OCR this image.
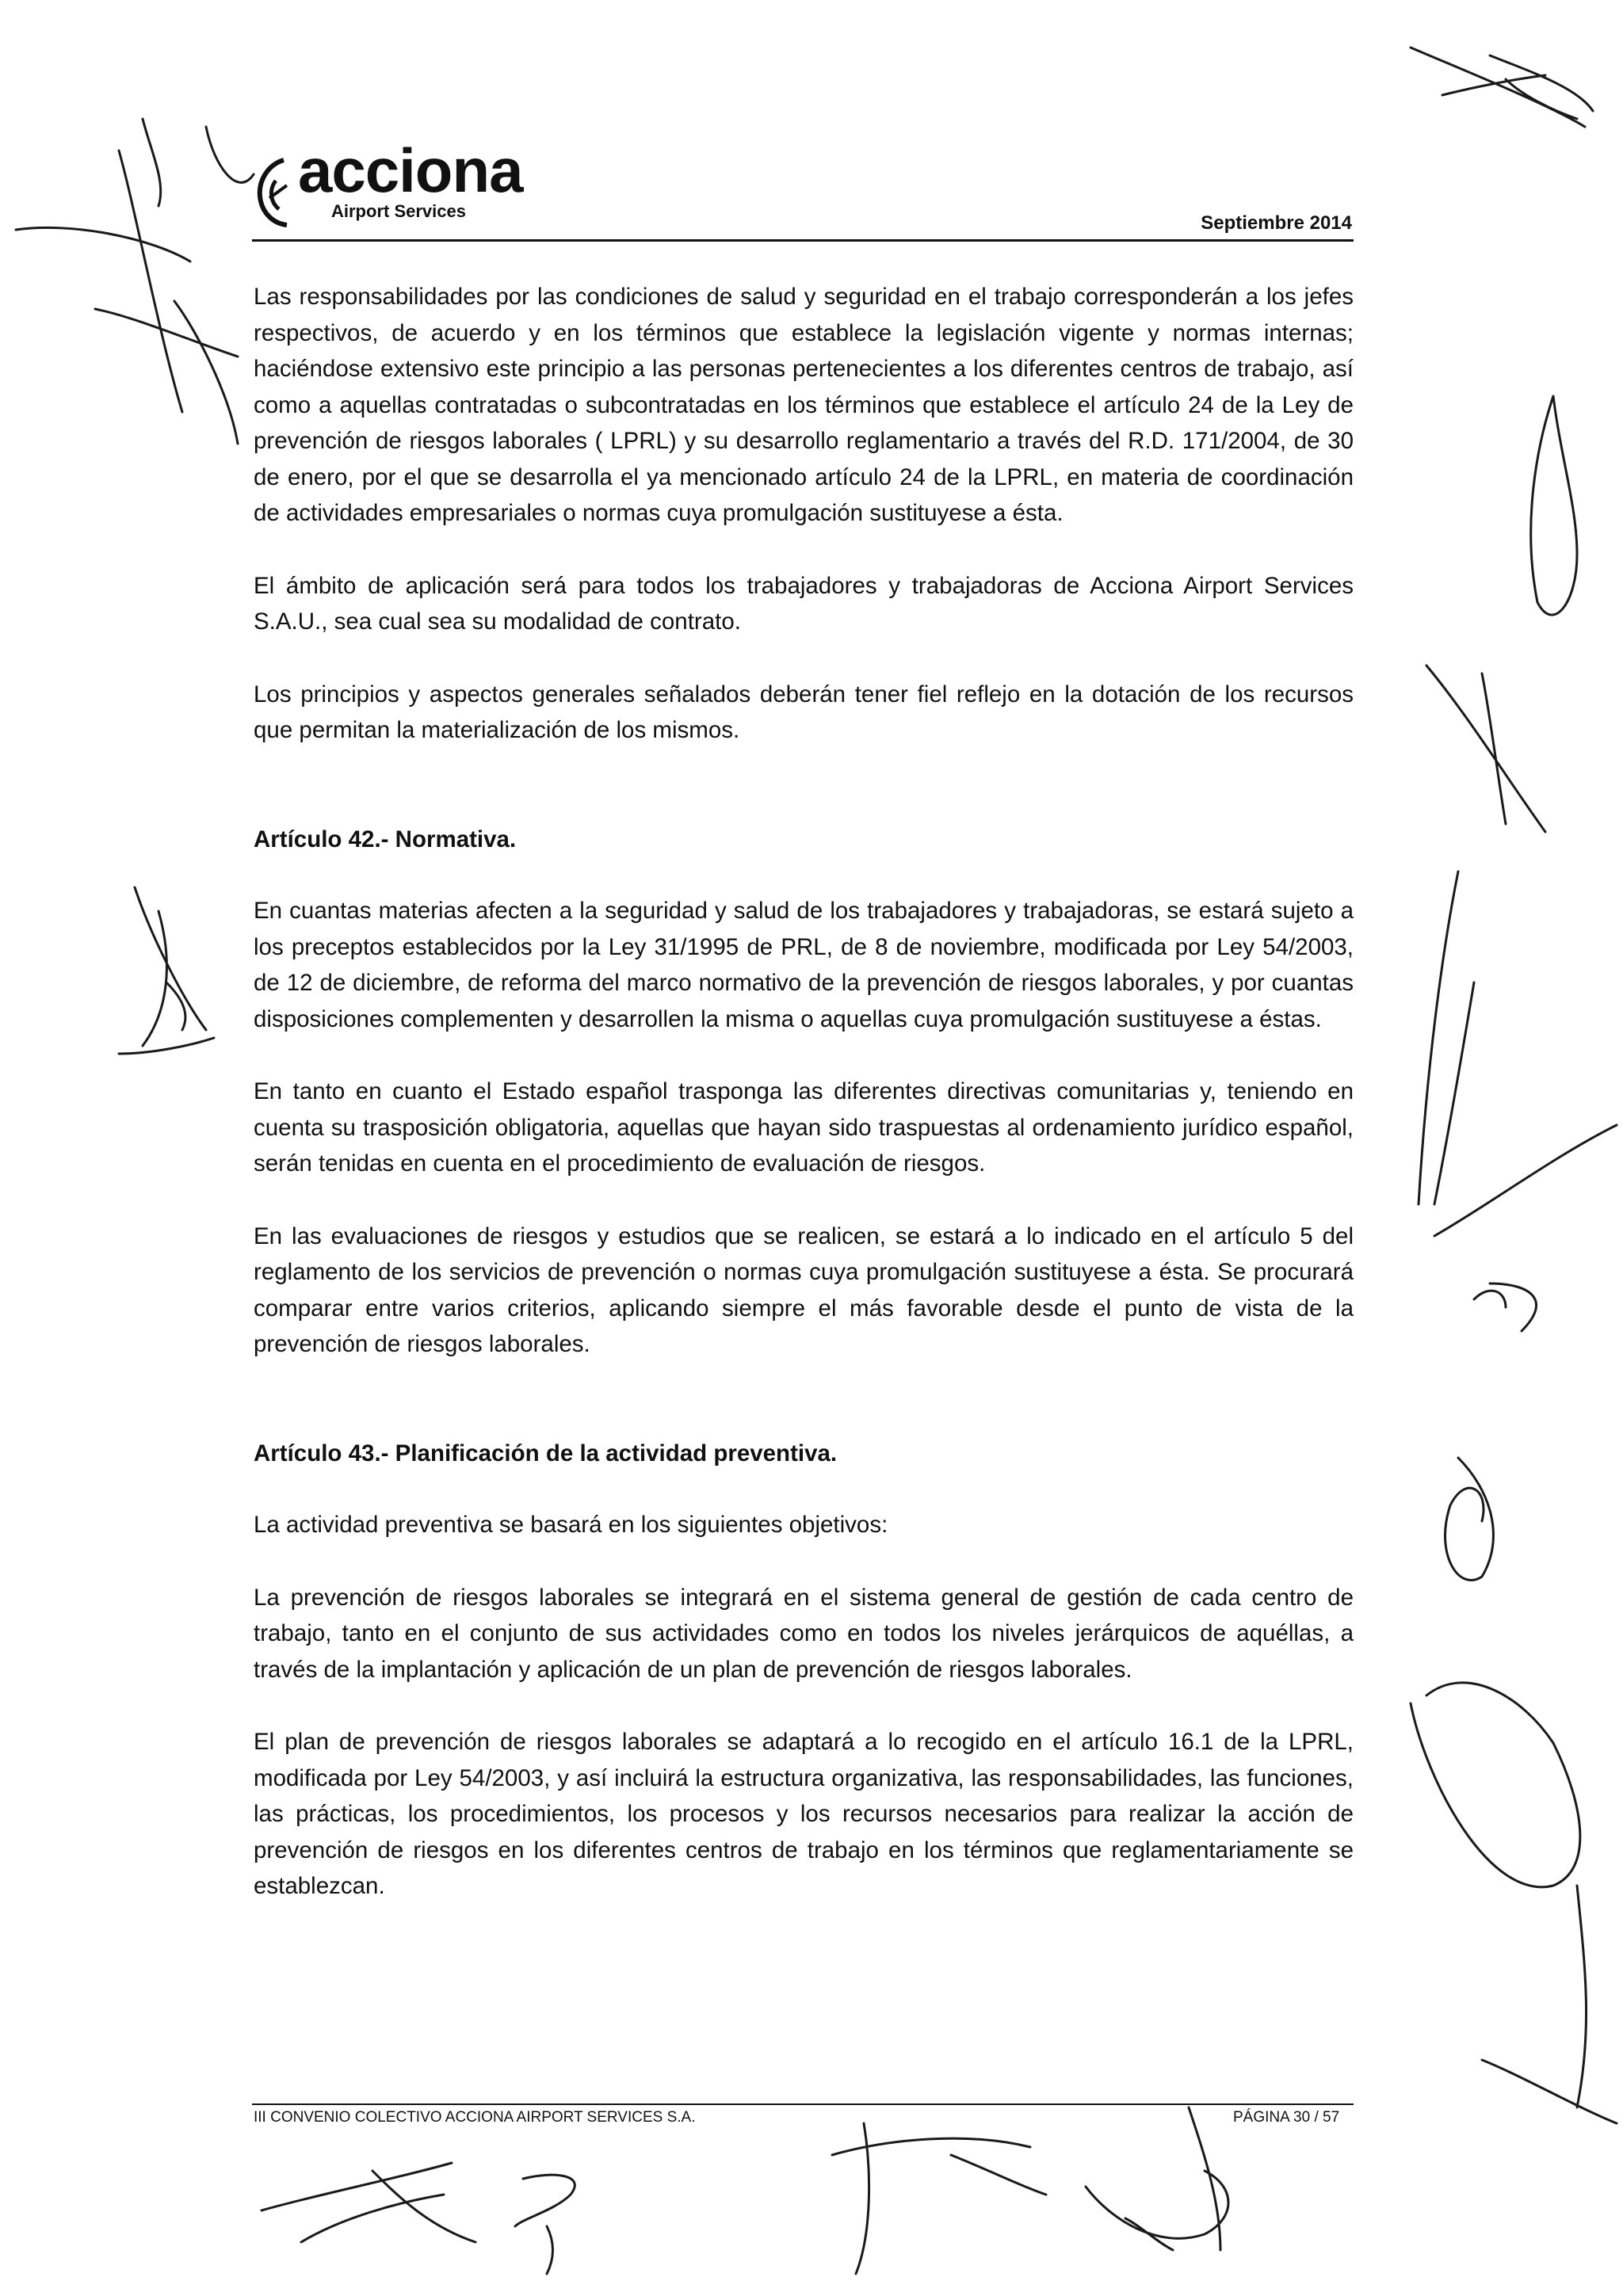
acciona
Airport Services
Septiembre 2014

Las responsabilidades por las condiciones de salud y seguridad en el trabajo corresponderán a los jefes respectivos, de acuerdo y en los términos que establece la legislación vigente y normas internas; haciéndose extensivo este principio a las personas pertenecientes a los diferentes centros de trabajo, así como a aquellas contratadas o subcontratadas en los términos que establece el artículo 24 de la Ley de prevención de riesgos laborales ( LPRL) y su desarrollo reglamentario a través del R.D. 171/2004, de 30 de enero, por el que se desarrolla el ya mencionado artículo 24 de la LPRL, en materia de coordinación de actividades empresariales o normas cuya promulgación sustituyese a ésta.

El ámbito de aplicación será para todos los trabajadores y trabajadoras de Acciona Airport Services S.A.U., sea cual sea su modalidad de contrato.

Los principios y aspectos generales señalados deberán tener fiel reflejo en la dotación de los recursos que permitan la materialización de los mismos.

Artículo 42.- Normativa.

En cuantas materias afecten a la seguridad y salud de los trabajadores y trabajadoras, se estará sujeto a los preceptos establecidos por la Ley 31/1995 de PRL, de 8 de noviembre, modificada por Ley 54/2003, de 12 de diciembre, de reforma del marco normativo de la prevención de riesgos laborales, y por cuantas disposiciones complementen y desarrollen la misma o aquellas cuya promulgación sustituyese a éstas.

En tanto en cuanto el Estado español trasponga las diferentes directivas comunitarias y, teniendo en cuenta su trasposición obligatoria, aquellas que hayan sido traspuestas al ordenamiento jurídico español, serán tenidas en cuenta en el procedimiento de evaluación de riesgos.

En las evaluaciones de riesgos y estudios que se realicen, se estará a lo indicado en el artículo 5 del reglamento de los servicios de prevención o normas cuya promulgación sustituyese a ésta. Se procurará comparar entre varios criterios, aplicando siempre el más favorable desde el punto de vista de la prevención de riesgos laborales.

Artículo 43.- Planificación de la actividad preventiva.

La actividad preventiva se basará en los siguientes objetivos:

La prevención de riesgos laborales se integrará en el sistema general de gestión de cada centro de trabajo, tanto en el conjunto de sus actividades como en todos los niveles jerárquicos de aquéllas, a través de la implantación y aplicación de un plan de prevención de riesgos laborales.

El plan de prevención de riesgos laborales se adaptará a lo recogido en el artículo 16.1 de la LPRL, modificada por Ley 54/2003, y así incluirá la estructura organizativa, las responsabilidades, las funciones, las prácticas, los procedimientos, los procesos y los recursos necesarios para realizar la acción de prevención de riesgos en los diferentes centros de trabajo en los términos que reglamentariamente se establezcan.

III CONVENIO COLECTIVO ACCIONA AIRPORT SERVICES S.A.	PÁGINA 30 / 57
